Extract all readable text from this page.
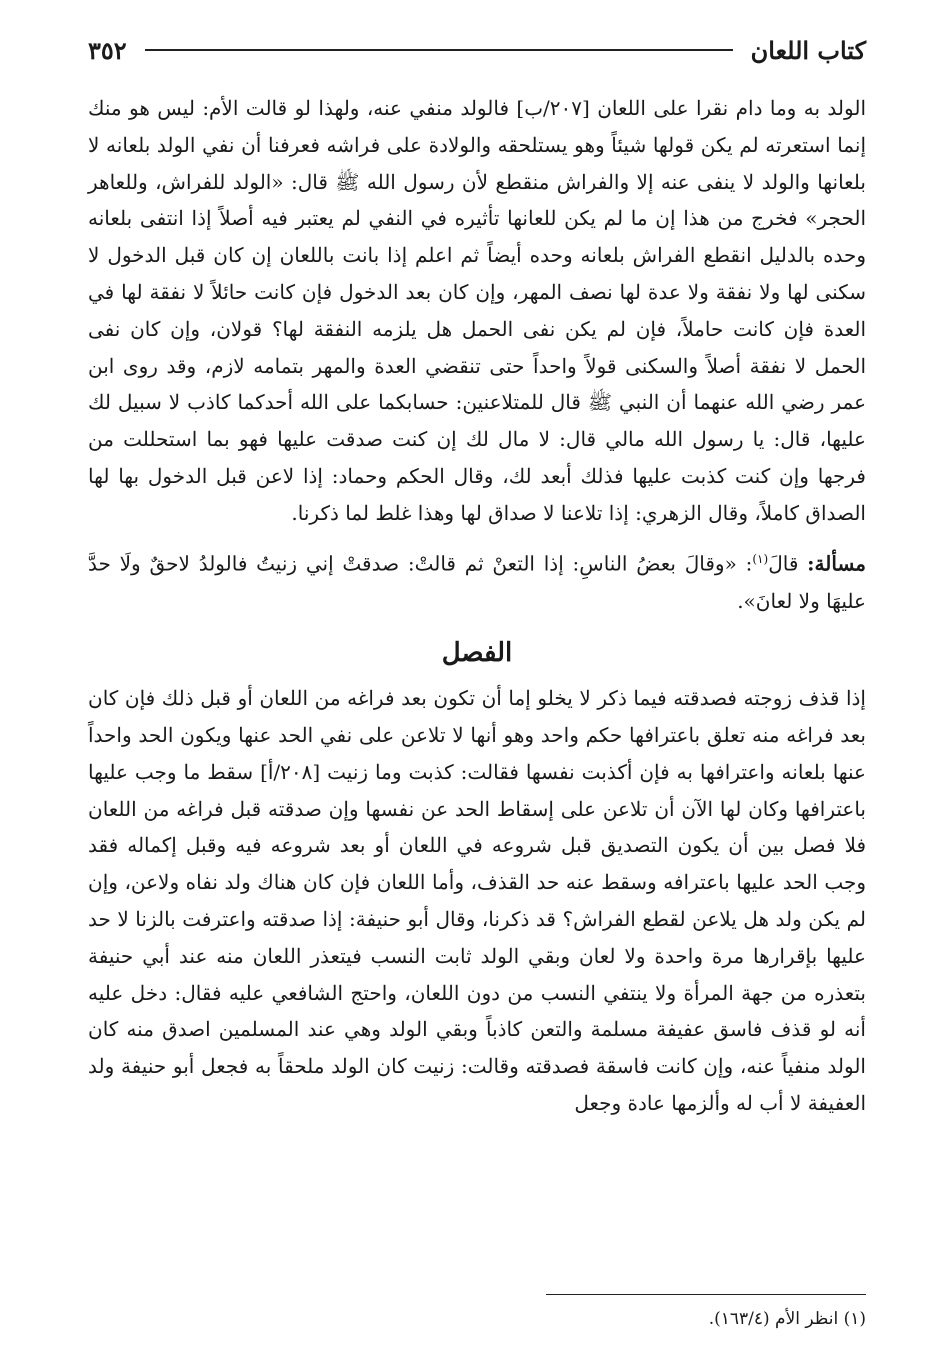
كتاب اللعان
٣٥٢

الولد به وما دام نقرا على اللعان [٢٠٧/ب] فالولد منفي عنه، ولهذا لو قالت الأم: ليس هو منك إنما استعرته لم يكن قولها شيئاً وهو يستلحقه والولادة على فراشه فعرفنا أن نفي الولد بلعانه لا بلعانها والولد لا ينفى عنه إلا والفراش منقطع لأن رسول الله ﷺ قال: «الولد للفراش، وللعاهر الحجر» فخرج من هذا إن ما لم يكن للعانها تأثيره في النفي لم يعتبر فيه أصلاً إذا انتفى بلعانه وحده بالدليل انقطع الفراش بلعانه وحده أيضاً ثم اعلم إذا بانت باللعان إن كان قبل الدخول لا سكنى لها ولا نفقة ولا عدة لها نصف المهر، وإن كان بعد الدخول فإن كانت حائلاً لا نفقة لها في العدة فإن كانت حاملاً، فإن لم يكن نفى الحمل هل يلزمه النفقة لها؟ قولان، وإن كان نفى الحمل لا نفقة أصلاً والسكنى قولاً واحداً حتى تنقضي العدة والمهر بتمامه لازم، وقد روى ابن عمر رضي الله عنهما أن النبي ﷺ قال للمتلاعنين: حسابكما على الله أحدكما كاذب لا سبيل لك عليها، قال: يا رسول الله مالي قال: لا مال لك إن كنت صدقت عليها فهو بما استحللت من فرجها وإن كنت كذبت عليها فذلك أبعد لك، وقال الحكم وحماد: إذا لاعن قبل الدخول بها لها الصداق كاملاً، وقال الزهري: إذا تلاعنا لا صداق لها وهذا غلط لما ذكرنا.

مسألة: قالَ$^{(١)}$: «وقالَ بعضُ الناسِ: إذا التعنْ ثم قالتْ: صدقتْ إني زنيتُ فالولدُ لاحقٌ ولَا حدَّ عليهَا ولا لعانَ».

الفصل

إذا قذف زوجته فصدقته فيما ذكر لا يخلو إما أن تكون بعد فراغه من اللعان أو قبل ذلك فإن كان بعد فراغه منه تعلق باعترافها حكم واحد وهو أنها لا تلاعن على نفي الحد عنها ويكون الحد واحداً عنها بلعانه واعترافها به فإن أكذبت نفسها فقالت: كذبت وما زنيت [٢٠٨/أ] سقط ما وجب عليها باعترافها وكان لها الآن أن تلاعن على إسقاط الحد عن نفسها وإن صدقته قبل فراغه من اللعان فلا فصل بين أن يكون التصديق قبل شروعه في اللعان أو بعد شروعه فيه وقبل إكماله فقد وجب الحد عليها باعترافه وسقط عنه حد القذف، وأما اللعان فإن كان هناك ولد نفاه ولاعن، وإن لم يكن ولد هل يلاعن لقطع الفراش؟ قد ذكرنا، وقال أبو حنيفة: إذا صدقته واعترفت بالزنا لا حد عليها بإقرارها مرة واحدة ولا لعان وبقي الولد ثابت النسب فيتعذر اللعان منه عند أبي حنيفة بتعذره من جهة المرأة ولا ينتفي النسب من دون اللعان، واحتج الشافعي عليه فقال: دخل عليه أنه لو قذف فاسق عفيفة مسلمة والتعن كاذباً وبقي الولد وهي عند المسلمين اصدق منه كان الولد منفياً عنه، وإن كانت فاسقة فصدقته وقالت: زنيت كان الولد ملحقاً به فجعل أبو حنيفة ولد العفيفة لا أب له وألزمها عادة وجعل

(١) انظر الأم (١٦٣/٤).
